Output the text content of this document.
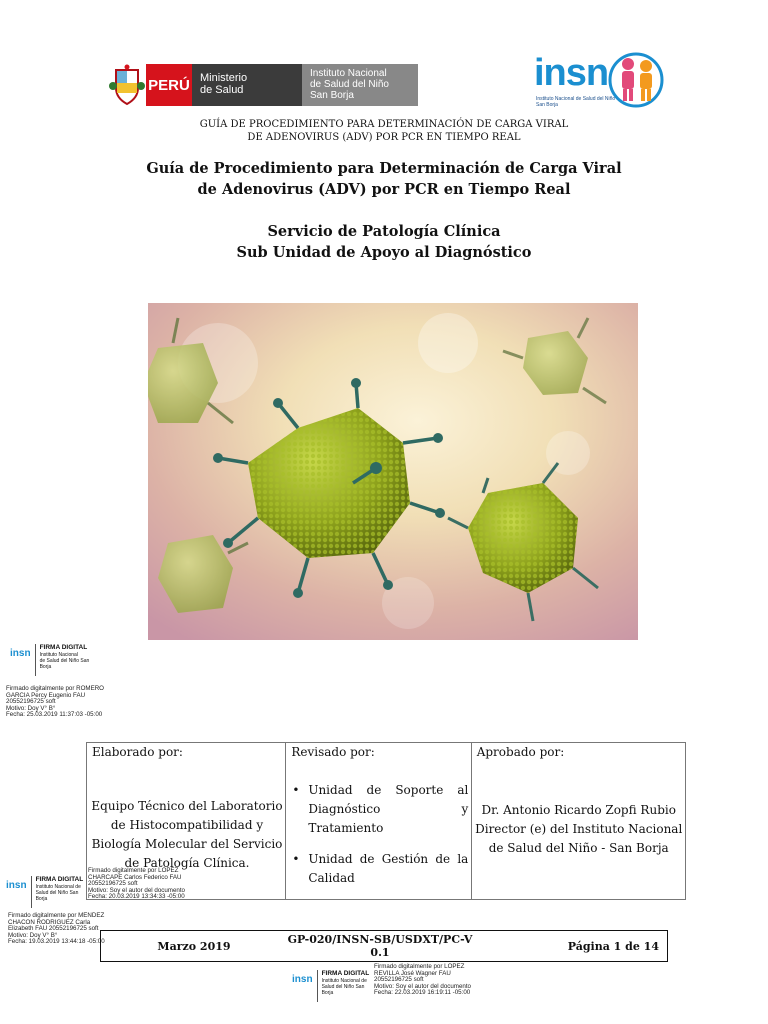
PERÚ Ministerio
de Salud
Instituto Nacional
de Salud del Niño
San Borja
insn
Instituto Nacional de Salud del Niño San Borja
GUÍA DE PROCEDIMIENTO PARA DETERMINACIÓN DE CARGA VIRAL
DE ADENOVIRUS (ADV) POR PCR EN TIEMPO REAL
Guía de Procedimiento para Determinación de Carga Viral
de Adenovirus (ADV) por PCR en Tiempo Real
Servicio de Patología Clínica
Sub Unidad de Apoyo al Diagnóstico
insn
FIRMA DIGITAL
Instituto Nacional
de Salud del Niño San
Borja
Firmado digitalmente por ROMERO
GARCIA Percy Eugenio FAU
20552196725 soft
Motivo: Doy V° B°
Fecha: 25.03.2019 11:37:03 -05:00
Elaborado por:
Equipo Técnico del Laboratorio
de Histocompatibilidad y
Biología Molecular del Servicio
de Patología Clínica.
Revisado por:
• Unidad de Soporte al Diagnóstico y Tratamiento
• Unidad de Gestión de la Calidad
Aprobado por:
Dr. Antonio Ricardo Zopfi Rubio
Director (e) del Instituto Nacional
de Salud del Niño - San Borja
insn
FIRMA DIGITAL
Instituto Nacional de
Salud del Niño San
Borja
Firmado digitalmente por LOPEZ
CHARCAPE Carlos Federico FAU
20552196725 soft
Motivo: Soy el autor del documento
Fecha: 20.03.2019 13:34:33 -05:00
Firmado digitalmente por MENDEZ
CHACON RODRIGUEZ Carla
Elizabeth FAU 20552196725 soft
Motivo: Doy V° B°
Fecha: 19.03.2019 13:44:18 -05:00	Marzo 2019	GP-020/INSN-SB/USDXT/PC-V 0.1	Página 1 de 14
insn
FIRMA DIGITAL
Instituto Nacional de
Salud del Niño San
Borja
Firmado digitalmente por LOPEZ
REVILLA José Wagner FAU
20552196725 soft
Motivo: Soy el autor del documento
Fecha: 22.03.2019 16:19:11 -05:00
